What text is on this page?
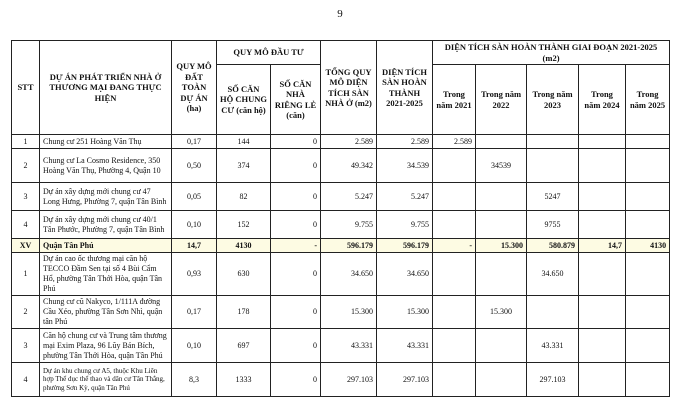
9
STT	DỰ ÁN PHÁT TRIỂN NHÀ Ở THƯƠNG MẠI ĐANG THỰC HIỆN	QUY MÔ ĐẤT TOÀN DỰ ÁN (ha)	QUY MÔ ĐẦU TƯ		TỔNG QUY MÔ DIỆN TÍCH SÀN NHÀ Ở (m2)	DIỆN TÍCH SÀN HOÀN THÀNH 2021-2025	DIỆN TÍCH SÀN HOÀN THÀNH GIAI ĐOẠN 2021-2025 (m2)				
			SỐ CĂN HỘ CHUNG CƯ (căn hộ)	SỐ CĂN NHÀ RIÊNG LẺ (căn)			Trong năm 2021	Trong năm 2022	Trong năm 2023	Trong năm 2024	Trong năm 2025
1	Chung cư 251 Hoàng Văn Thụ	0,17	144	0	2.589	2.589	2.589				
2	Chung cư La Cosmo Residence, 350 Hoàng Văn Thụ, Phường 4, Quận 10	0,50	374	0	49.342	34.539		34539			
3	Dự án xây dựng mới chung cư 47 Long Hưng, Phường 7, quận Tân Bình	0,05	82	0	5.247	5.247			5247		
4	Dự án xây dựng mới chung cư 40/1 Tân Phước, Phường 7, quận Tân Bình	0,10	152	0	9.755	9.755			9755		
XV	Quận Tân Phú	14,7	4130	-	596.179	596.179	-	15.300	580.879	14,7	4130
1	Dự án cao ốc thương mại căn hộ TECCO Đầm Sen tại số 4 Bùi Cẩm Hổ, phường Tân Thới Hòa, quận Tân Phú	0,93	630	0	34.650	34.650			34.650		
2	Chung cư cũ Nakyco, 1/111A đường Cầu Xéo, phường Tân Sơn Nhì, quận tân Phú	0,17	178	0	15.300	15.300		15.300			
3	Căn hộ chung cư và Trung tâm thương mại Exim Plaza, 96 Lũy Bán Bích, phường Tân Thới Hòa, quận Tân Phú	0,10	697	0	43.331	43.331			43.331		
4	Dự án khu chung cư A5, thuộc Khu Liên hợp Thể dục thể thao và dân cư Tân Thắng, phường Sơn Kỳ, quận Tân Phú	8,3	1333	0	297.103	297.103			297.103		
